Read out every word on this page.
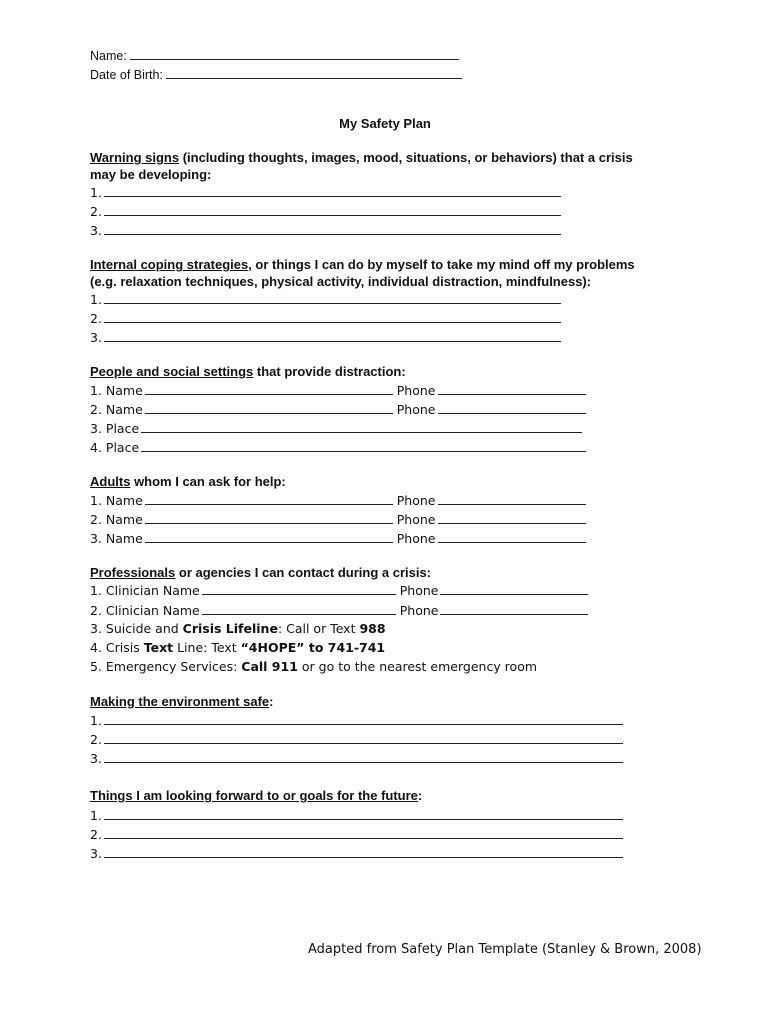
Name:
Date of Birth:
My Safety Plan
Warning signs (including thoughts, images, mood, situations, or behaviors) that a crisis
may be developing:
1.
2.
3.
Internal coping strategies, or things I can do by myself to take my mind off my problems
(e.g. relaxation techniques, physical activity, individual distraction, mindfulness):
1.
2.
3.
People and social settings that provide distraction:
1. Name	Phone
2. Name	Phone
3. Place
4. Place
Adults whom I can ask for help:
1. Name	Phone
2. Name	Phone
3. Name	Phone
Professionals or agencies I can contact during a crisis:
1. Clinician Name	Phone
2. Clinician Name	Phone
3. Suicide and Crisis Lifeline: Call or Text 988
4. Crisis Text Line: Text “4HOPE” to 741-741
5. Emergency Services: Call 911 or go to the nearest emergency room
Making the environment safe:
1.
2.
3.
Things I am looking forward to or goals for the future:
1.
2.
3.
Adapted from Safety Plan Template (Stanley & Brown, 2008)
